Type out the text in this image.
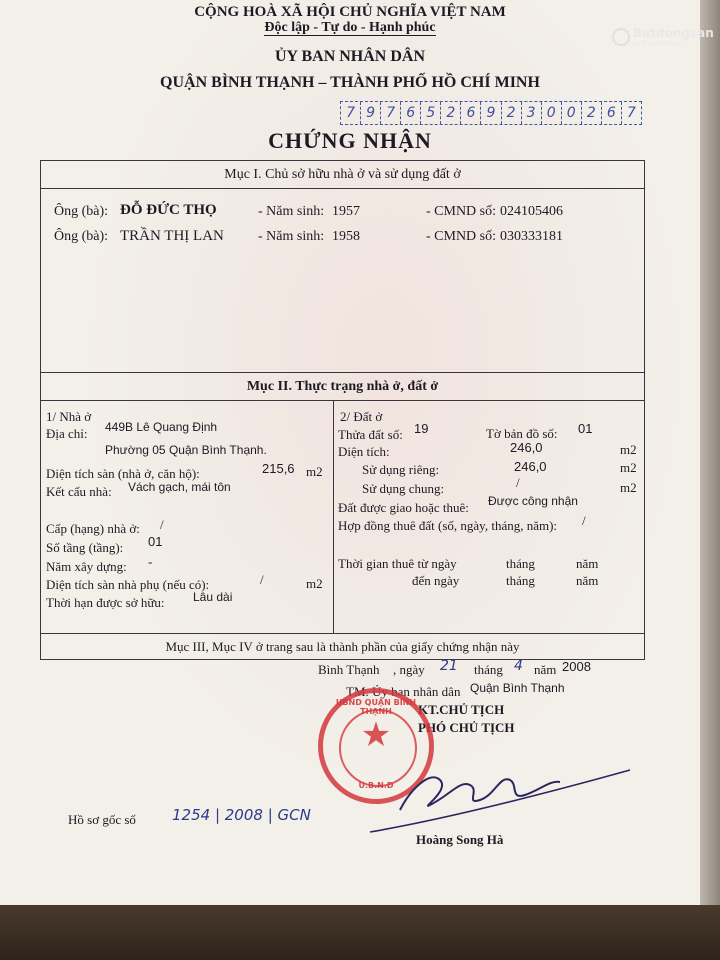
Batdongsan
by PropertyGuru
CỘNG HOÀ XÃ HỘI CHỦ NGHĨA VIỆT NAM
Độc lập - Tự do - Hạnh phúc
ỦY BAN NHÂN DÂN
QUẬN BÌNH THẠNH – THÀNH PHỐ HỒ CHÍ MINH
7 9 7 6 5 2 6 9 2 3 0 0 2 6 7
CHỨNG NHẬN
Mục I. Chủ sở hữu nhà ở và sử dụng đất ở
Ông (bà): ĐỖ ĐỨC THỌ	- Năm sinh: 1957	- CMND số: 024105406
Ông (bà): TRẦN THỊ LAN - Năm sinh: 1958	- CMND số: 030333181
Mục II. Thực trạng nhà ở, đất ở
1/ Nhà ở
Địa chỉ: 449B Lê Quang Định
Phường 05 Quận Bình Thạnh.
Diện tích sàn (nhà ở, căn hộ):	215,6 m2
Kết cấu nhà: Vách gạch, mái tôn
Cấp (hạng) nhà ở: /
Số tầng (tầng): 01
Năm xây dựng: -
Diện tích sàn nhà phụ (nếu có):	/	m2
Thời hạn được sở hữu: Lâu dài
2/ Đất ở
Thửa đất số: 19	Tờ bản đồ số: 01
Diện tích:	246,0	m2
Sử dụng riêng:	246,0	m2
Sử dụng chung:	/	m2
Đất được giao hoặc thuê: Được công nhận
Hợp đồng thuê đất (số, ngày, tháng, năm): /
Thời gian thuê từ ngày	tháng	năm
đến ngày	tháng	năm
Mục III, Mục IV ở trang sau là thành phần của giấy chứng nhận này
Bình Thạnh , ngày 21 tháng 4 năm 2008
TM. Ủy ban nhân dân Quận Bình Thạnh
KT.CHỦ TỊCH
PHÓ CHỦ TỊCH
UBND QUẬN BÌNH THẠNH
★
U.B.N.D
Hoàng Song Hà
Hồ sơ gốc số 1254 | 2008 | GCN
